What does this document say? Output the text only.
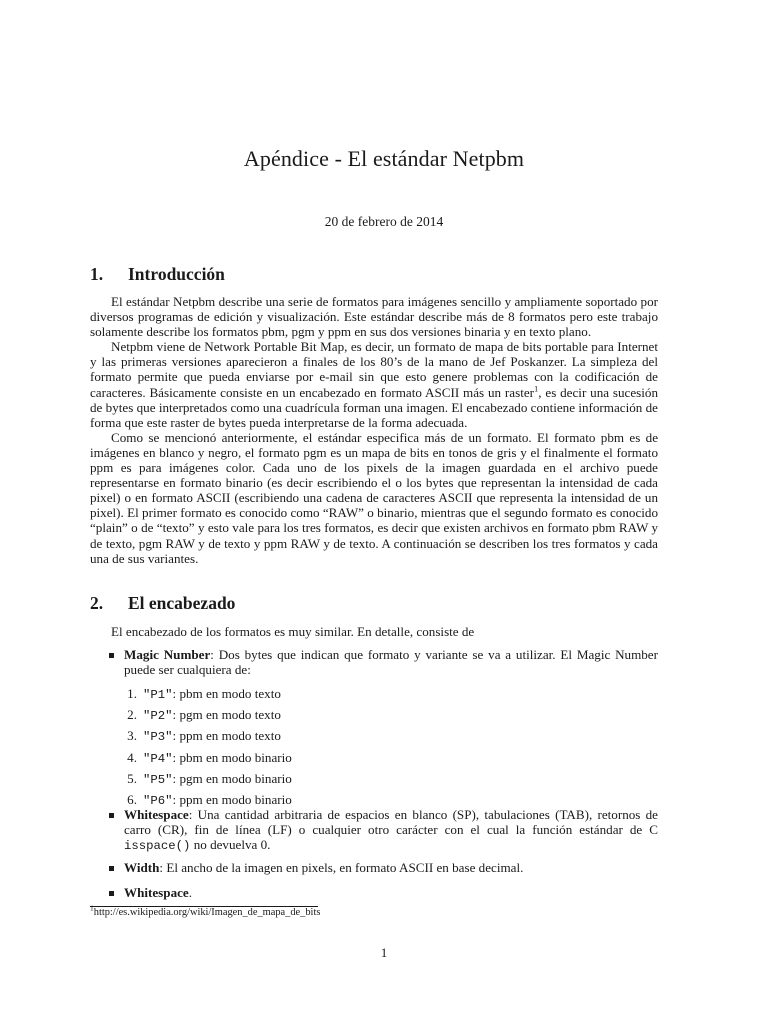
Apéndice - El estándar Netpbm
20 de febrero de 2014
1. Introducción

El estándar Netpbm describe una serie de formatos para imágenes sencillo y ampliamente soportado por diversos programas de edición y visualización. Este estándar describe más de 8 formatos pero este trabajo solamente describe los formatos pbm, pgm y ppm en sus dos versiones binaria y en texto plano.

Netpbm viene de Network Portable Bit Map, es decir, un formato de mapa de bits portable para Internet y las primeras versiones aparecieron a finales de los 80’s de la mano de Jef Poskanzer. La simpleza del formato permite que pueda enviarse por e-mail sin que esto genere problemas con la codificación de caracteres. Básicamente consiste en un encabezado en formato ASCII más un raster$^1$, es decir una sucesión de bytes que interpretados como una cuadrícula forman una imagen. El encabezado contiene información de forma que este raster de bytes pueda interpretarse de la forma adecuada.

Como se mencionó anteriormente, el estándar especifica más de un formato. El formato pbm es de imágenes en blanco y negro, el formato pgm es un mapa de bits en tonos de gris y el finalmente el formato ppm es para imágenes color. Cada uno de los pixels de la imagen guardada en el archivo puede representarse en formato binario (es decir escribiendo el o los bytes que representan la intensidad de cada pixel) o en formato ASCII (escribiendo una cadena de caracteres ASCII que representa la intensidad de un pixel). El primer formato es conocido como “RAW” o binario, mientras que el segundo formato es conocido “plain” o de “texto” y esto vale para los tres formatos, es decir que existen archivos en formato pbm RAW y de texto, pgm RAW y de texto y ppm RAW y de texto. A continuación se describen los tres formatos y cada una de sus variantes.

2. El encabezado

El encabezado de los formatos es muy similar. En detalle, consiste de

Magic Number: Dos bytes que indican que formato y variante se va a utilizar. El Magic Number puede ser cualquiera de:
1. "P1": pbm en modo texto
2. "P2": pgm en modo texto
3. "P3": ppm en modo texto
4. "P4": pbm en modo binario
5. "P5": pgm en modo binario
6. "P6": ppm en modo binario
Whitespace: Una cantidad arbitraria de espacios en blanco (SP), tabulaciones (TAB), retornos de carro (CR), fin de línea (LF) o cualquier otro carácter con el cual la función estándar de C isspace() no devuelva 0.
Width: El ancho de la imagen en pixels, en formato ASCII en base decimal.
Whitespace.
$^1$http://es.wikipedia.org/wiki/Imagen_de_mapa_de_bits
1
